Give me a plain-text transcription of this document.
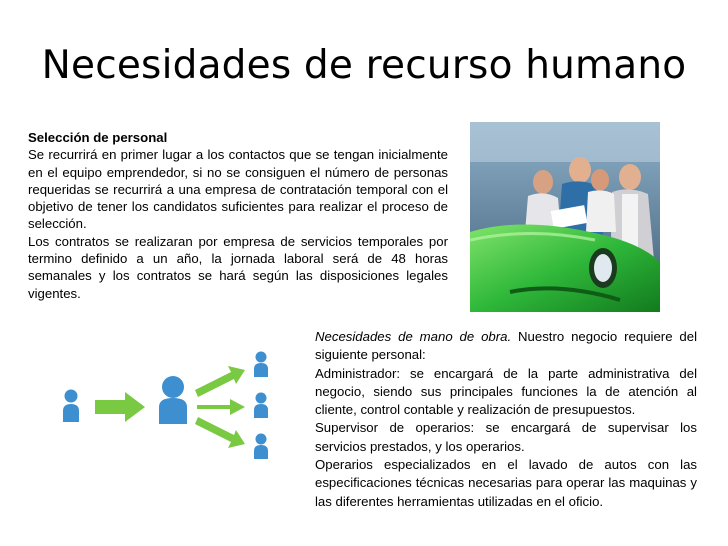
Necesidades de recurso humano

Selección de personal

Se recurrirá en primer lugar a los contactos que se tengan inicialmente en el equipo emprendedor, si no se consiguen el número de personas requeridas se recurrirá a una empresa de contratación temporal con el objetivo de tener los candidatos suficientes para realizar el proceso de selección.

Los contratos se realizaran por empresa de servicios temporales por termino definido a un año, la jornada laboral será de 48 horas semanales y los contratos se hará según las disposiciones legales vigentes.

Necesidades de mano de obra. Nuestro negocio requiere del siguiente personal:

Administrador: se encargará de la parte administrativa del negocio, siendo sus principales funciones la de atención al cliente, control contable y realización de presupuestos.

Supervisor de operarios: se encargará de supervisar los servicios prestados, y los operarios.

Operarios especializados en el lavado de autos con las especificaciones técnicas necesarias para operar las maquinas y las diferentes herramientas utilizadas en el oficio.
